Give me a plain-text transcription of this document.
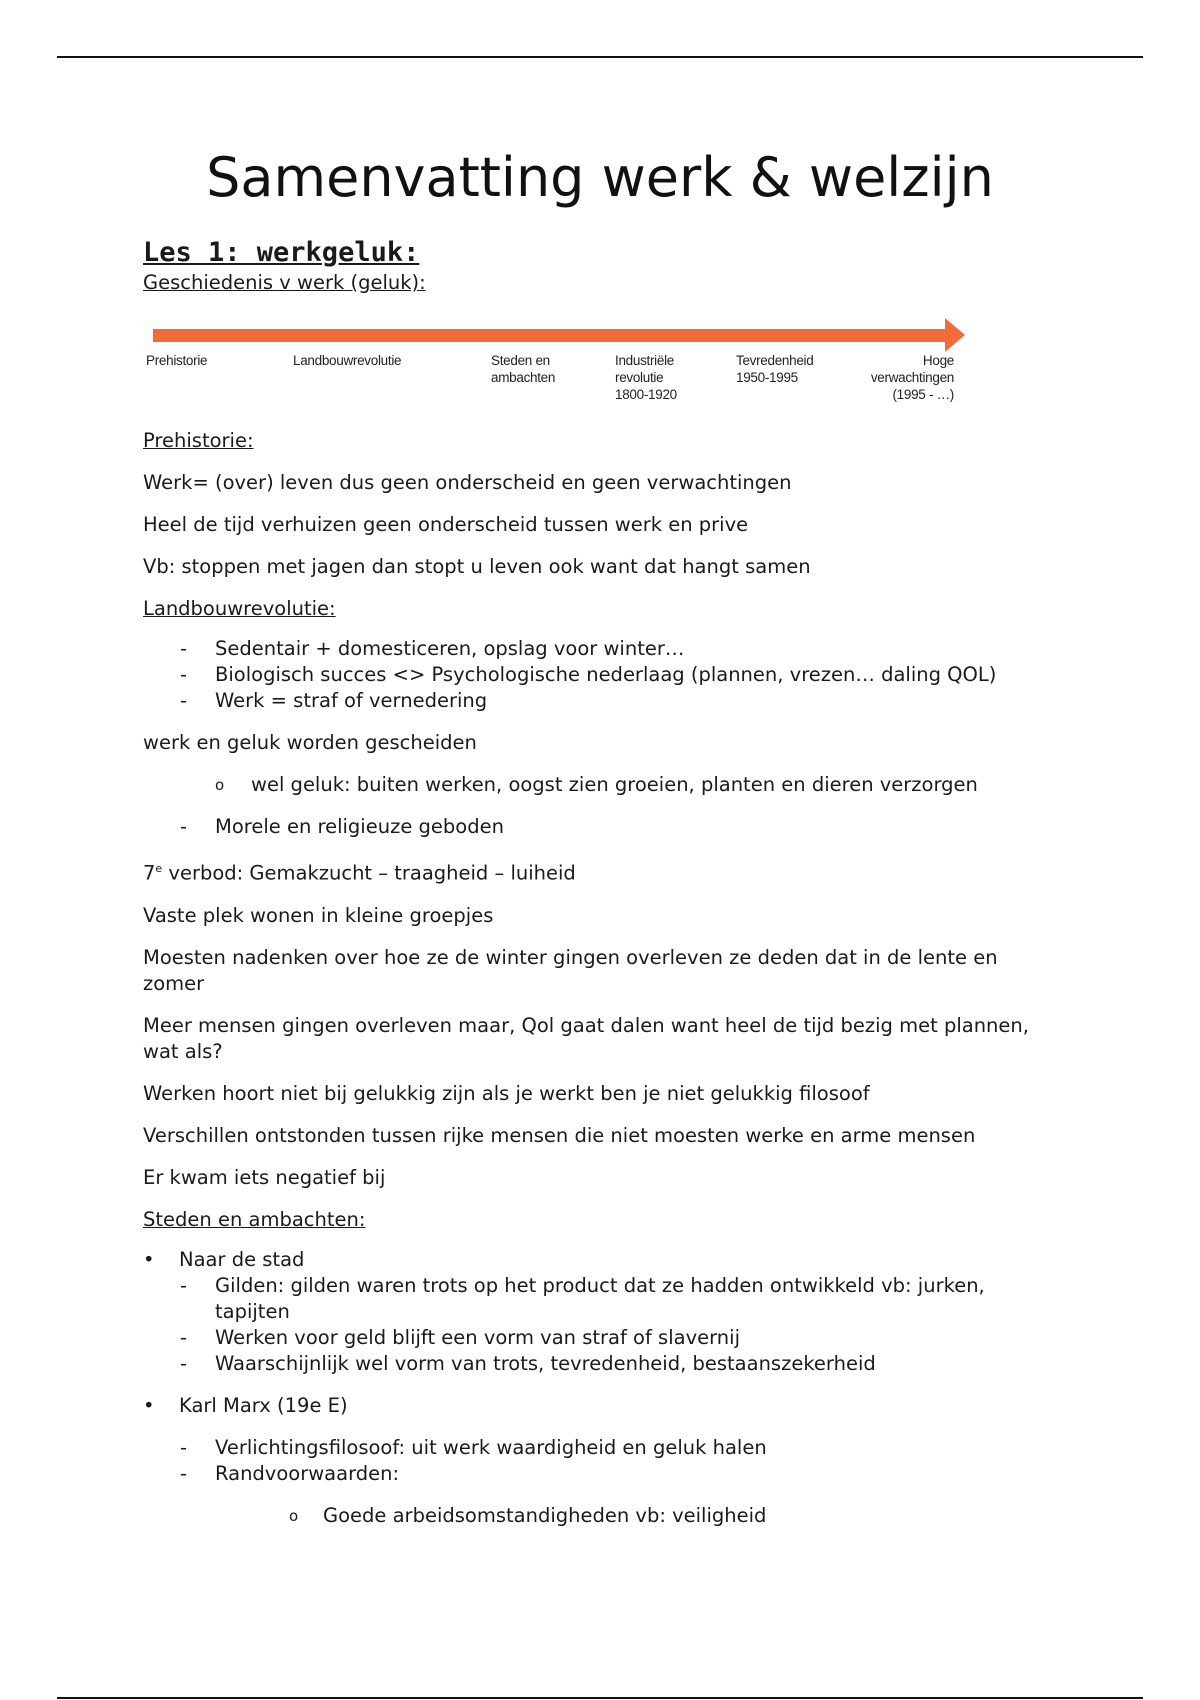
Samenvatting werk & welzijn
Les 1: werkgeluk:
Geschiedenis v werk (geluk):
Prehistorie	Landbouwrevolutie	Steden en
ambachten
Industriële
revolutie
1800-1920
Tevredenheid
1950-1995
Hoge
verwachtingen
(1995 - …)
Prehistorie:

Werk= (over) leven dus geen onderscheid en geen verwachtingen

Heel de tijd verhuizen geen onderscheid tussen werk en prive

Vb: stoppen met jagen dan stopt u leven ook want dat hangt samen

Landbouwrevolutie:
- Sedentair + domesticeren, opslag voor winter…
- Biologisch succes <> Psychologische nederlaag (plannen, vrezen… daling QOL)
- Werk = straf of vernedering

werk en geluk worden gescheiden

o wel geluk: buiten werken, oogst zien groeien, planten en dieren verzorgen
- Morele en religieuze geboden

7e verbod: Gemakzucht – traagheid – luiheid

Vaste plek wonen in kleine groepjes

Moesten nadenken over hoe ze de winter gingen overleven ze deden dat in de lente en zomer

Meer mensen gingen overleven maar, Qol gaat dalen want heel de tijd bezig met plannen, wat als?

Werken hoort niet bij gelukkig zijn als je werkt ben je niet gelukkig filosoof

Verschillen ontstonden tussen rijke mensen die niet moesten werke en arme mensen

Er kwam iets negatief bij

Steden en ambachten:
• Naar de stad
- Gilden: gilden waren trots op het product dat ze hadden ontwikkeld vb: jurken, tapijten
- Werken voor geld blijft een vorm van straf of slavernij
- Waarschijnlijk wel vorm van trots, tevredenheid, bestaanszekerheid
• Karl Marx (19e E)
- Verlichtingsfilosoof: uit werk waardigheid en geluk halen
- Randvoorwaarden:
o Goede arbeidsomstandigheden vb: veiligheid
